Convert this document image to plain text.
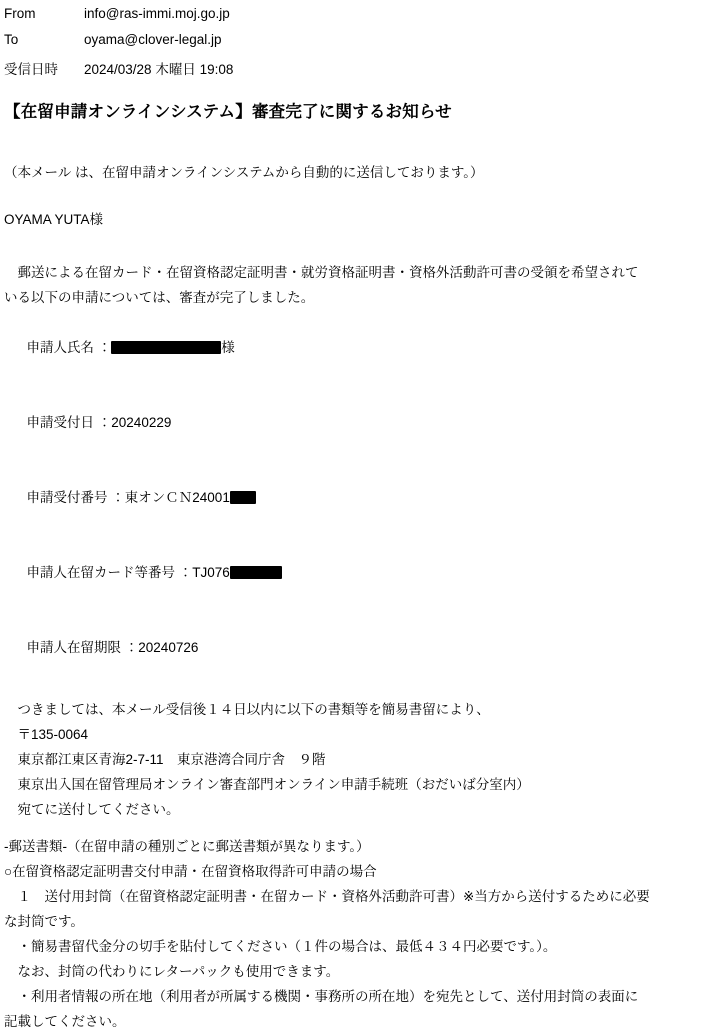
From	info@ras-immi.moj.go.jp
To	oyama@clover-legal.jp
受信日時	2024/03/28 木曜日 19:08
【在留申請オンラインシステム】審査完了に関するお知らせ

（本メール は、在留申請オンラインシステムから自動的に送信しております。）

OYAMA YUTA様

　郵送による在留カード・在留資格認定証明書・就労資格証明書・資格外活動許可書の受領を希望されて

いる以下の申請については、審査が完了しました。

申請人氏名 ：	様

申請受付日 ：20240229

申請受付番号 ：東オンＣＮ24001

申請人在留カード等番号 ：TJ076

申請人在留期限 ：20240726

　つきましては、本メール受信後１４日以内に以下の書類等を簡易書留により、

　〒135-0064

　東京都江東区青海2-7-11　東京港湾合同庁舎　９階

　東京出入国在留管理局オンライン審査部門オンライン申請手続班（おだいば分室内）

　宛てに送付してください。

-郵送書類-（在留申請の種別ごとに郵送書類が異なります。）

○在留資格認定証明書交付申請・在留資格取得許可申請の場合

　１　送付用封筒（在留資格認定証明書・在留カード・資格外活動許可書）※当方から送付するために必要

な封筒です。

　・簡易書留代金分の切手を貼付してください（１件の場合は、最低４３４円必要です。）。

　なお、封筒の代わりにレターパックも使用できます。

　・利用者情報の所在地（利用者が所属する機関・事務所の所在地）を宛先として、送付用封筒の表面に

記載してください。
